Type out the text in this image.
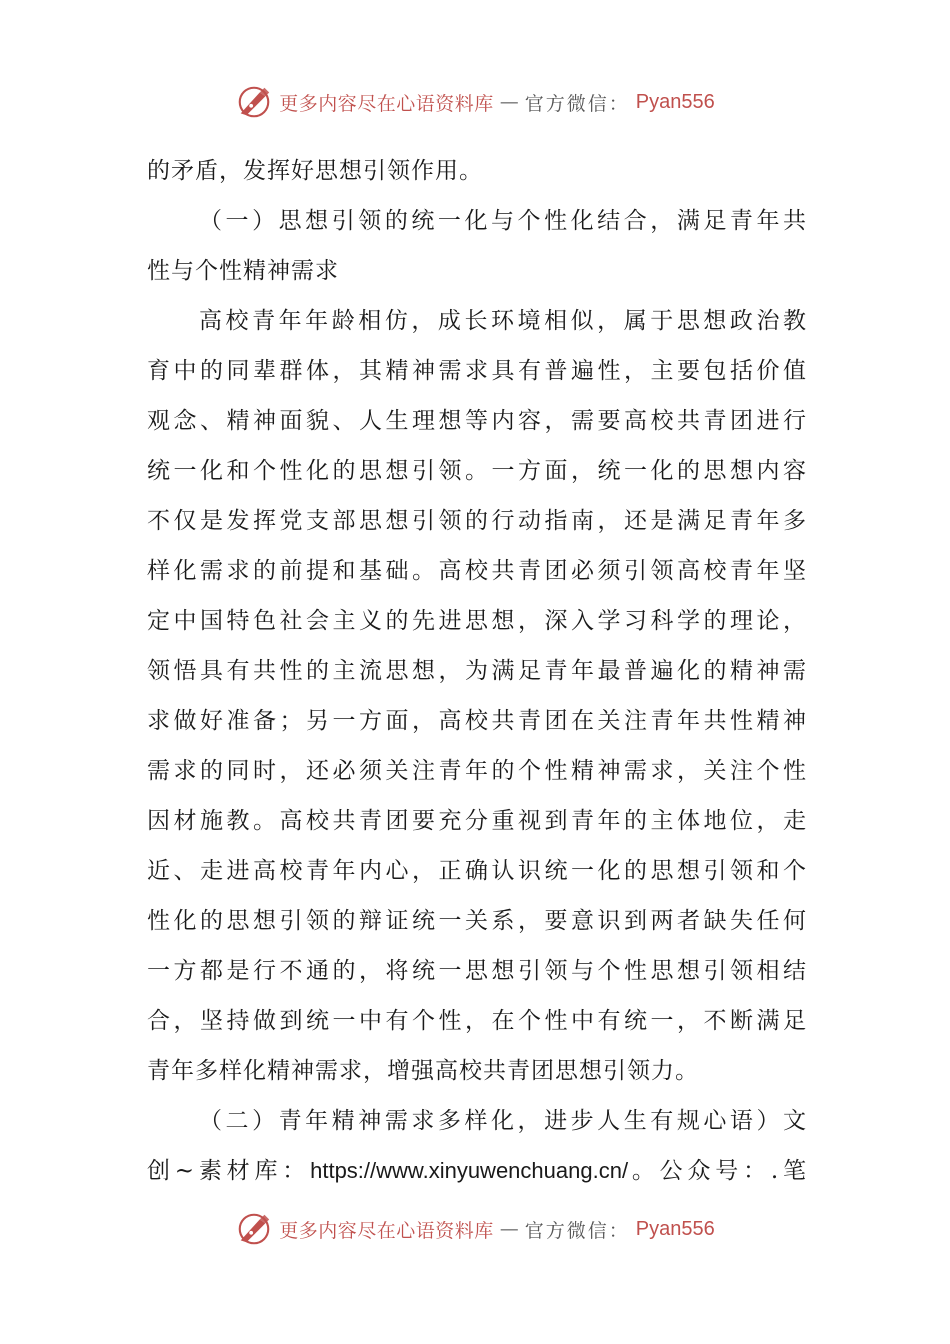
更多内容尽在心语资料库 — 官方微信： Pyan556
的矛盾，发挥好思想引领作用。
（一）思想引领的统一化与个性化结合，满足青年共
性与个性精神需求
高校青年年龄相仿，成长环境相似，属于思想政治教
育中的同辈群体，其精神需求具有普遍性，主要包括价值
观念、精神面貌、人生理想等内容，需要高校共青团进行
统一化和个性化的思想引领。一方面，统一化的思想内容
不仅是发挥党支部思想引领的行动指南，还是满足青年多
样化需求的前提和基础。高校共青团必须引领高校青年坚
定中国特色社会主义的先进思想，深入学习科学的理论，
领悟具有共性的主流思想，为满足青年最普遍化的精神需
求做好准备；另一方面，高校共青团在关注青年共性精神
需求的同时，还必须关注青年的个性精神需求，关注个性
因材施教。高校共青团要充分重视到青年的主体地位，走
近、走进高校青年内心，正确认识统一化的思想引领和个
性化的思想引领的辩证统一关系，要意识到两者缺失任何
一方都是行不通的，将统一思想引领与个性思想引领相结
合，坚持做到统一中有个性，在个性中有统一，不断满足
青年多样化精神需求，增强高校共青团思想引领力。
（二）青年精神需求多样化，进步人生有规心语）文
创~素材库：https://www.xinyuwenchuang.cn/。公众号：.笔
更多内容尽在心语资料库 — 官方微信： Pyan556
